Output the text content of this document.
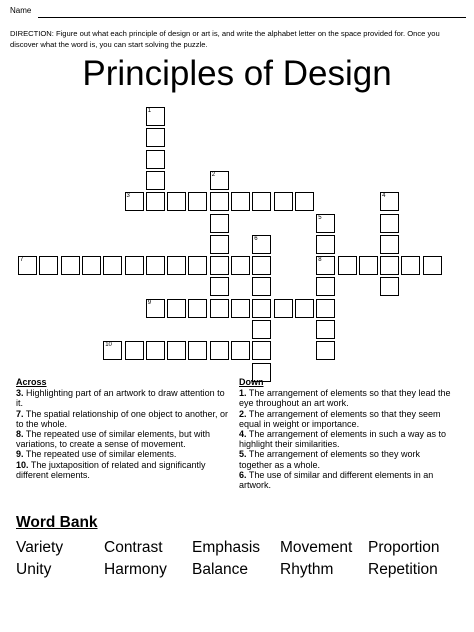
Name
DIRECTION: Figure out what each principle of design or art is, and write the alphabet letter on the space provided for. Once you discover what the word is, you can start solving the puzzle.
Principles of Design
1
2
3	4
5
8
6
7
9
10
Across
3. Highlighting part of an artwork to draw attention to it.
7. The spatial relationship of one object to another, or to the whole.
8. The repeated use of similar elements, but with variations, to create a sense of movement.
9. The repeated use of similar elements.
10. The juxtaposition of related and significantly different elements.
Down
1. The arrangement of elements so that they lead the eye throughout an art work.
2. The arrangement of elements so that they seem equal in weight or importance.
4. The arrangement of elements in such a way as to highlight their similarities.
5. The arrangement of elements so they work together as a whole.
6. The use of similar and different elements in an artwork.
Word Bank
Variety	Contrast Emphasis Movement Proportion
Unity	Harmony Balance Rhythm Repetition
